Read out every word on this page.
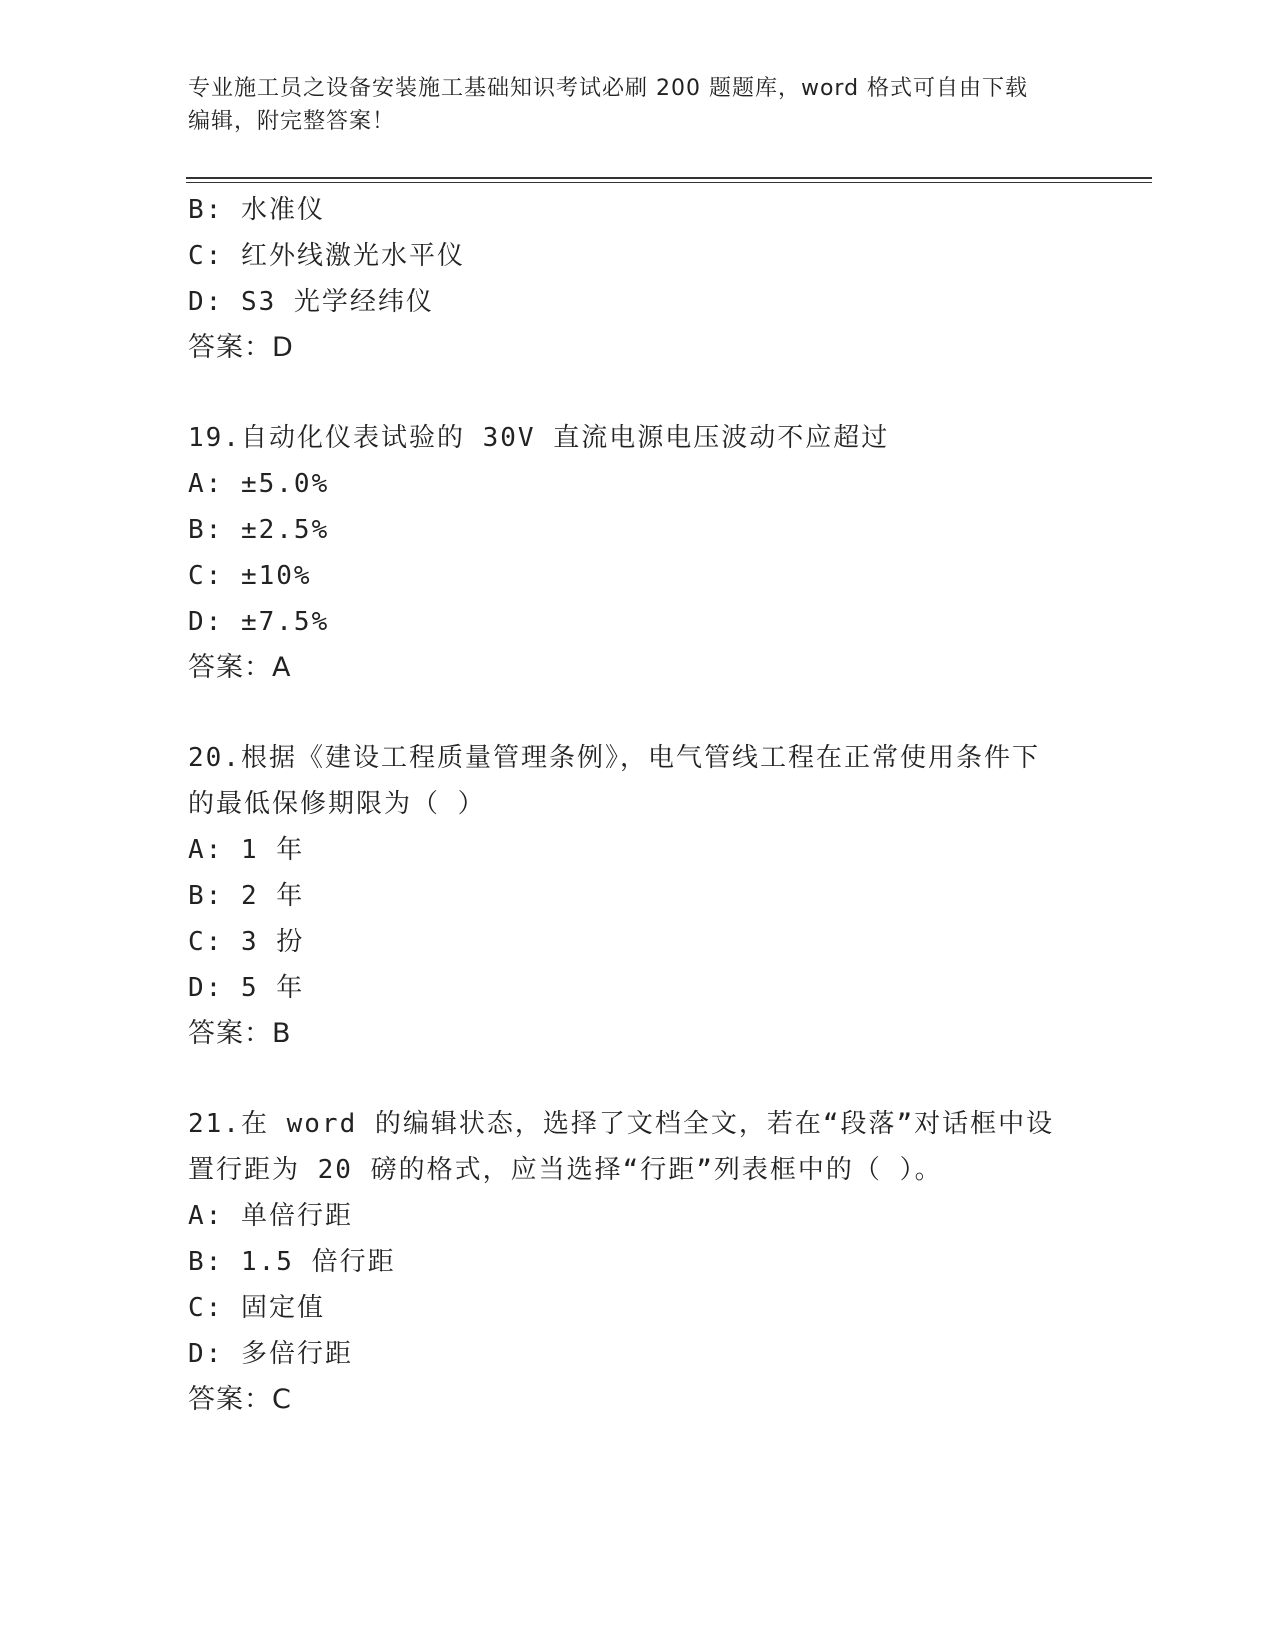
专业施工员之设备安装施工基础知识考试必刷 200 题题库，word 格式可自由下载
编辑，附完整答案！
B: 水准仪
C: 红外线激光水平仪
D: S3 光学经纬仪
答案：D
19.自动化仪表试验的 30V 直流电源电压波动不应超过
A: ±5.0%
B: ±2.5%
C: ±10%
D: ±7.5%
答案：A
20.根据《建设工程质量管理条例》，电气管线工程在正常使用条件下
的最低保修期限为（ ）
A: 1 年
B: 2 年
C: 3 扮
D: 5 年
答案：B
21.在 word 的编辑状态，选择了文档全文，若在“段落”对话框中设
置行距为 20 磅的格式，应当选择“行距”列表框中的（ ）。
A: 单倍行距
B: 1.5 倍行距
C: 固定值
D: 多倍行距
答案：C
